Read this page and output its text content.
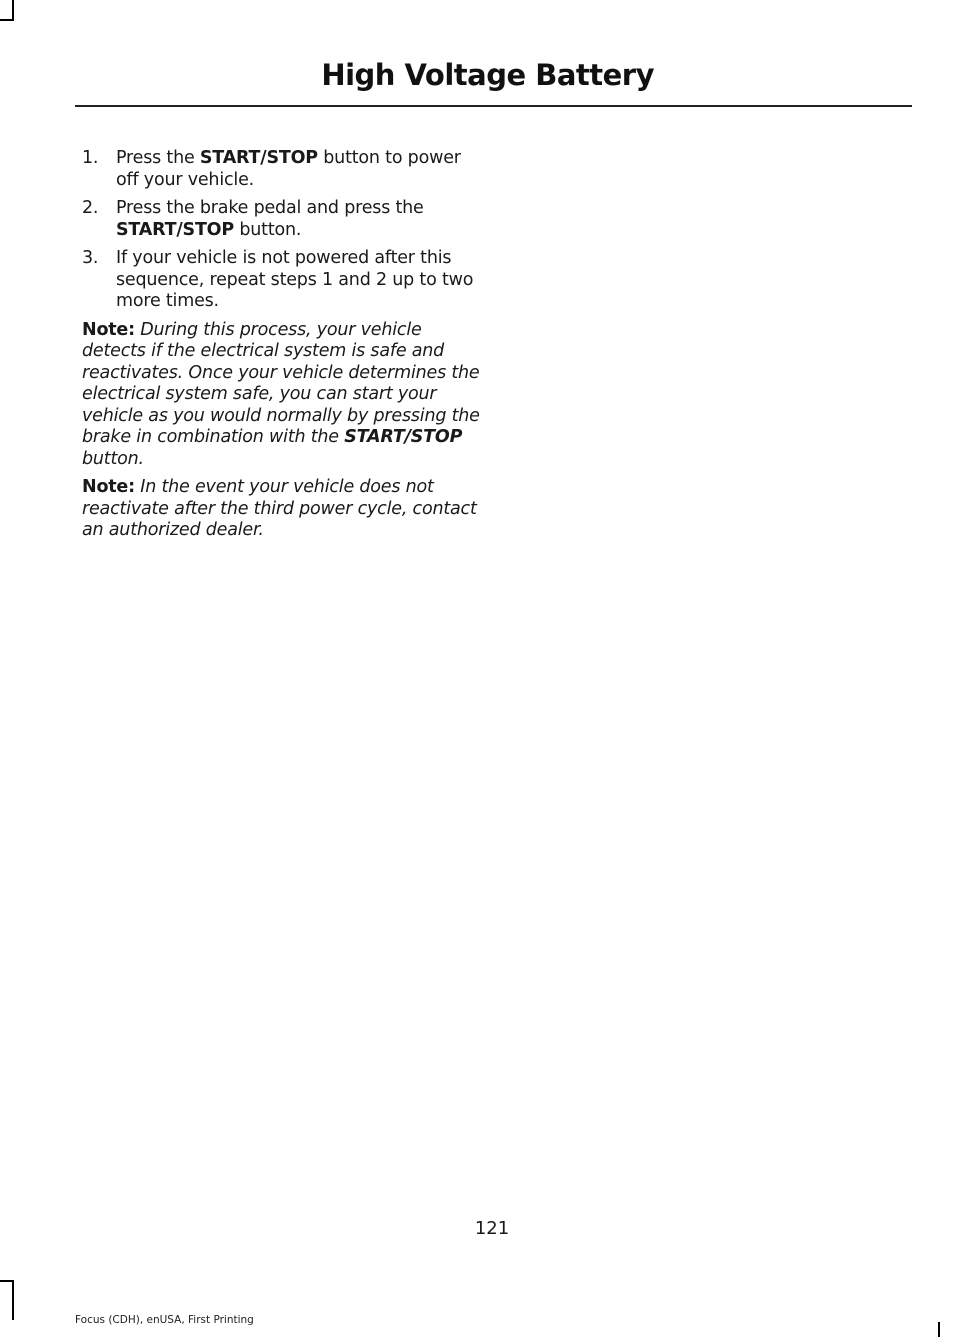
High Voltage Battery
1. Press the START/STOP button to power off your vehicle.
2. Press the brake pedal and press the START/STOP button.
3. If your vehicle is not powered after this sequence, repeat steps 1 and 2 up to two more times.

Note: During this process, your vehicle detects if the electrical system is safe and reactivates. Once your vehicle determines the electrical system safe, you can start your vehicle as you would normally by pressing the brake in combination with the START/STOP button.

Note: In the event your vehicle does not reactivate after the third power cycle, contact an authorized dealer.

121
Focus (CDH), enUSA, First Printing
